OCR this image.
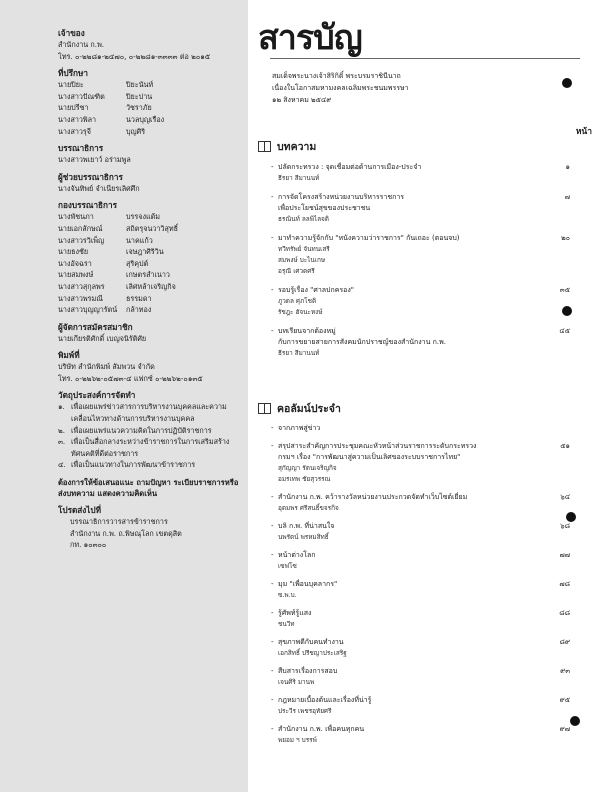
เจ้าของ
สำนักงาน ก.พ.
โทร. ๐-๒๒๘๑-๒๔๗๐, ๐-๒๒๘๑-๓๓๓๓ ต่อ ๒๐๑๕
ที่ปรึกษา
นายปิยะ	ปิยะนันท์
นางสาวปัณฑิต	ปิยะปาน
นายปรีชา	วัชราภัย
นางสาวพิลา	นวลบุญเรือง
นางสาวรุจี	บุญศิริ
บรรณาธิการ
นางสาวพเยาว์ อร่ามพูล
ผู้ช่วยบรรณาธิการ
นางจันทิพย์ จำเนียรเลิศศึก
กองบรรณาธิการ
นางพัชนภา	บรรจงแต้ม
นายเอกลักษณ์	สถิตรุจนวาวิสุทธิ์
นางสาวรวิเพ็ญ	นาคแก้ว
นายธงชัย	เจษฎาศิริวิน
นางอัจฉรา	สุริคุปต์
นายสมพงษ์	เกษตรสำเนาว
นางสาวสุกุลพร	เลิศหล้าเจริญกิจ
นางสาวพรมณี	ธรรมดา
นางสาวบุญญารัตน์	กล้าทอง
ผู้จัดการสมัครสมาชิก
นายเกียรติศักดิ์ เบญจนิรัติศัย
พิมพ์ที่
บริษัท สำนักพิมพ์ สัมพวน จำกัด
โทร. ๐-๒๒๖๒-๐๕๗๓-๔ แฟกซ์ ๐-๒๒๖๒-๐๑๓๕
วัตถุประสงค์การจัดทำ
๑. เพื่อเผยแพร่ข่าวสารการบริหารงานบุคคลและความเคลื่อนไหวทางด้านการบริหารงานบุคคล
๒. เพื่อเผยแพร่แนวความคิดในการปฏิบัติราชการ
๓. เพื่อเป็นสื่อกลางระหว่างข้าราชการในการเสริมสร้างทัศนคติที่ดีต่อราชการ
๔. เพื่อเป็นแนวทางในการพัฒนาข้าราชการ
ต้องการให้ข้อเสนอแนะ ถามปัญหา ระเบียบราชการหรือส่งบทความ แสดงความคิดเห็น
โปรดส่งไปที่
บรรณาธิการวารสารข้าราชการ
สำนักงาน ก.พ. ถ.พิษณุโลก เขตดุสิต
กท. ๑๐๓๐๐
สารบัญ
สมเด็จพระนางเจ้าสิริกิติ์ พระบรมราชินีนาถ
เนื่องในโอกาสมหามงคลเฉลิมพระชนมพรรษา
๑๒ สิงหาคม ๒๕๔๙
หน้า
บทความ
- ปลัดกระทรวง : จุดเชื่อมต่อด้านการเมือง-ประจำ
ธีรยา สีมานนท์
๑
- การจัดโครงสร้างหน่วยงานบริหารราชการ
เพื่อประโยชน์สุขของประชาชน
ธรณินท์ ลลพิไลจติ
๗
- มาทำความรู้จักกับ "หนังความว่าราชการ" กันเถอะ (ตอนจบ)
ทวีทรัพย์ จันทนเสรี
สมพงษ์ บะไนเกษ
อรุณี เศวตศรี
๒๐
- รอบรู้เรื่อง "ศาลปกครอง"
ภูวดล ศุภโชติ
รัชฎะ ฮัจนะหงษ์
๓๕
- บทเรียนจากต้องหมู่
กับการขยายสายการสังคมนักปราชญ์ของสำนักงาน ก.พ.
ธีรยา สีมานนท์
๔๕
คอลัมน์ประจำ
- จากภาพสู่ข่าว
- สรุปสาระสำคัญการประชุมคณะหัวหน้าส่วนราชการระดับกระทรวง
กรมฯ เรื่อง "การพัฒนาสู่ความเป็นเลิศของระบบราชการไทย"
สุกัญญา รัตนเจริญกิจ
อมรเทพ ชัยสุวรรณ
๕๑
- สำนักงาน ก.พ. คว้ารางวัลหน่วยงานประกวดจัดทำเว็บไซต์เยี่ยม
อุดมพร ศรีสนธิ์ขจรกิจ
๖๔
- บลิ ก.พ. ที่น่าสนใจ
นพรัตน์ พรหมสิทธิ์
๖๘
- หน้าต่างโลก
เซฟโซ
๗๗
- มุม "เพื่อนบุคลากร"
ซ.พ.บ.
๗๘
- รู้ศัพท์รู้แสง
ชนวีท
๘๘
- สุขภาพดีกับคนทำงาน
เอกสิทธิ์ ปรีชญาประเสริฐ
๘๙
- สืบสารเรื่องการสอบ
เจนศิริ มานพ
๙๓
- กฎหมายเบื้องต้นและเรื่องที่น่ารู้
ประวีร เพชรอุทัยศรี
๙๕
- สำนักงาน ก.พ. เพื่อคนทุกคน
พยอม ฯ บรรพ์
๙๗
